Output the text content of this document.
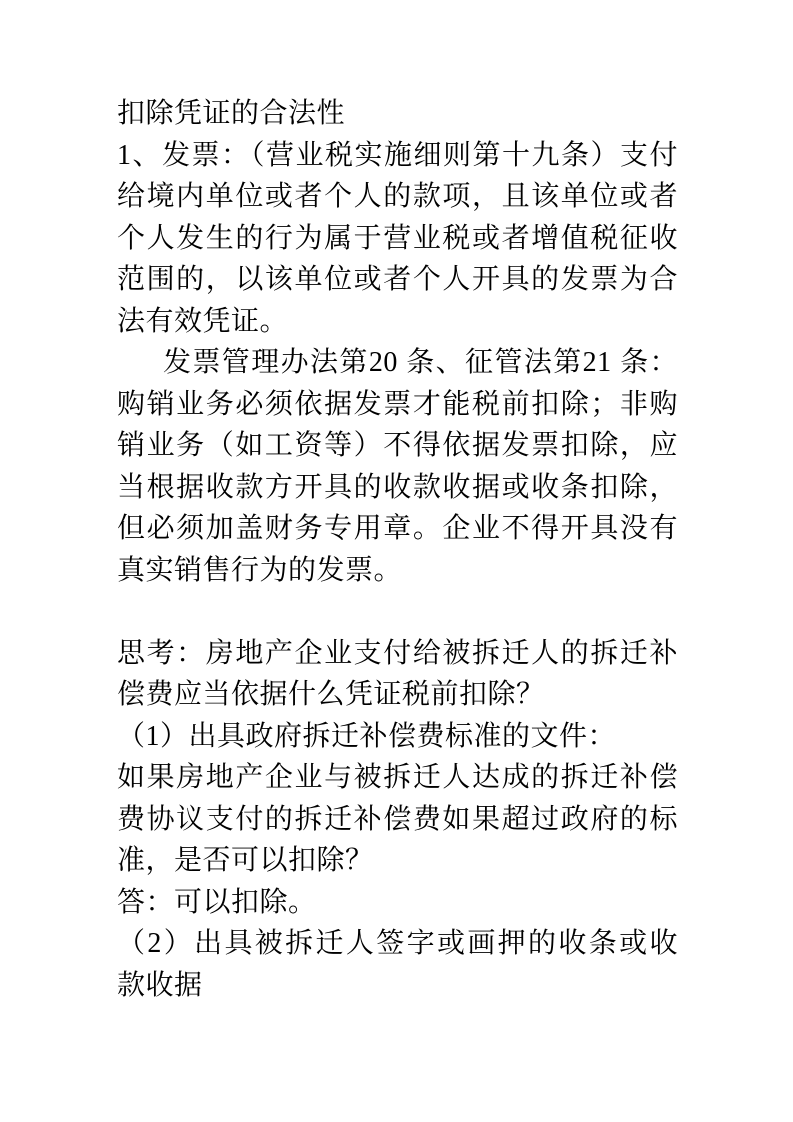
扣除凭证的合法性
1、发票：（营业税实施细则第十九条）支付
给境内单位或者个人的款项，且该单位或者
个人发生的行为属于营业税或者增值税征收
范围的，以该单位或者个人开具的发票为合
法有效凭证。
发票管理办法第20 条、征管法第21 条：
购销业务必须依据发票才能税前扣除；非购
销业务（如工资等）不得依据发票扣除，应
当根据收款方开具的收款收据或收条扣除，
但必须加盖财务专用章。企业不得开具没有
真实销售行为的发票。
思考：房地产企业支付给被拆迁人的拆迁补
偿费应当依据什么凭证税前扣除？
（1）出具政府拆迁补偿费标准的文件：
如果房地产企业与被拆迁人达成的拆迁补偿
费协议支付的拆迁补偿费如果超过政府的标
准，是否可以扣除？
答：可以扣除。
（2）出具被拆迁人签字或画押的收条或收
款收据
